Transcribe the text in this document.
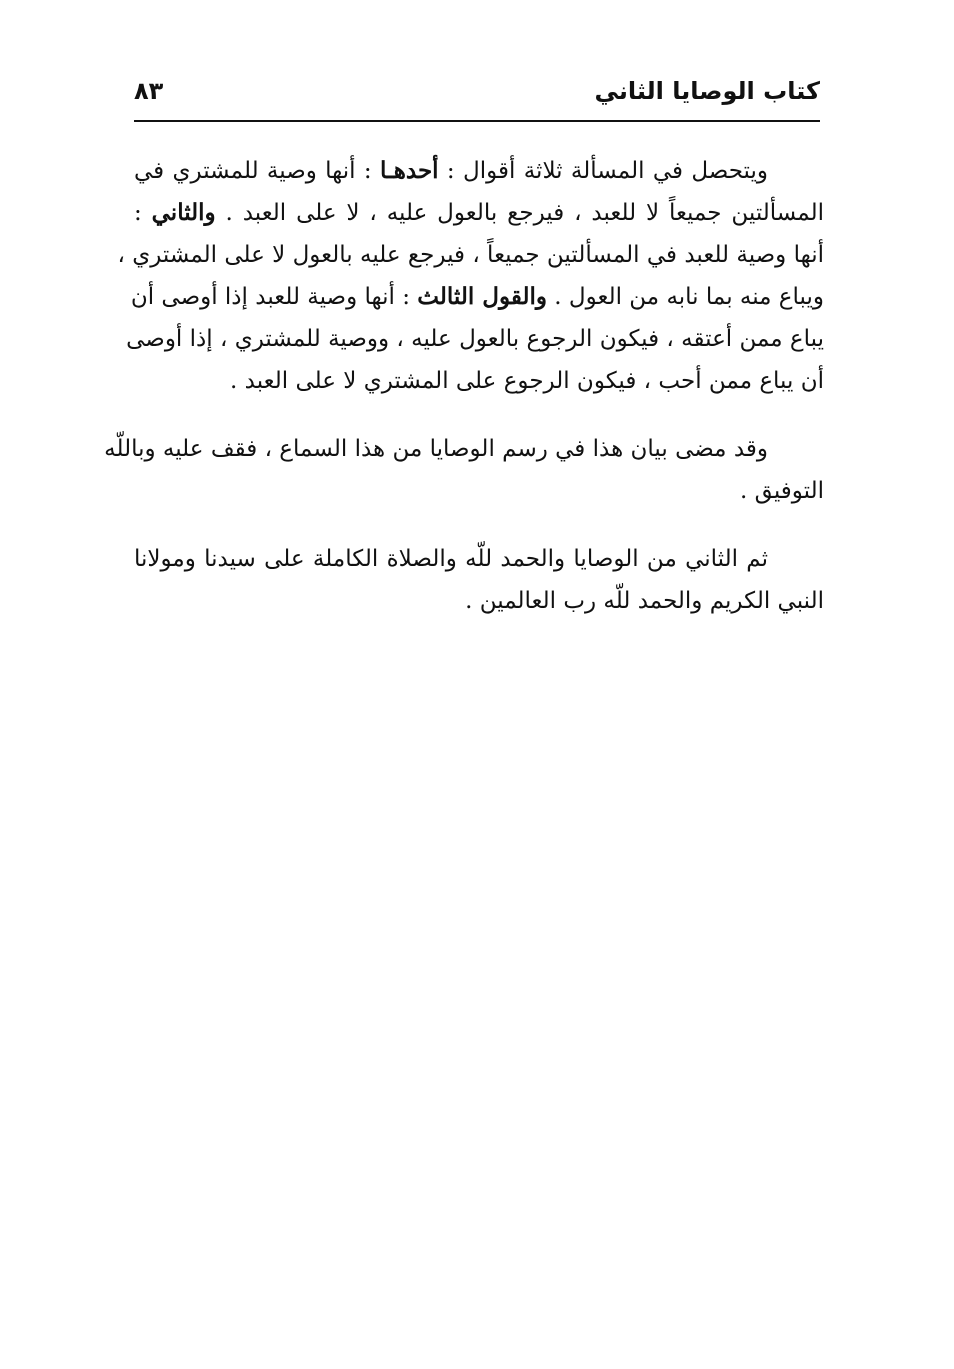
كتاب الوصايا الثاني
٨٣
ويتحصل في المسألة ثلاثة أقوال : أحدهـا : أنها وصية للمشتري في
المسألتين جميعاً لا للعبد ، فيرجع بالعول عليه ، لا على العبد . والثاني :
أنها وصية للعبد في المسألتين جميعاً ، فيرجع عليه بالعول لا على المشتري ،
ويباع منه بما نابه من العول . والقول الثالث : أنها وصية للعبد إذا أوصى أن
يباع ممن أعتقه ، فيكون الرجوع بالعول عليه ، ووصية للمشتري ، إذا أوصى
أن يباع ممن أحب ، فيكون الرجوع على المشتري لا على العبد .
وقد مضى بيان هذا في رسم الوصايا من هذا السماع ، فقف عليه وباللّه
التوفيق .
ثم الثاني من الوصايا والحمد للّه والصلاة الكاملة على سيدنا ومولانا
النبي الكريم والحمد للّه رب العالمين .
